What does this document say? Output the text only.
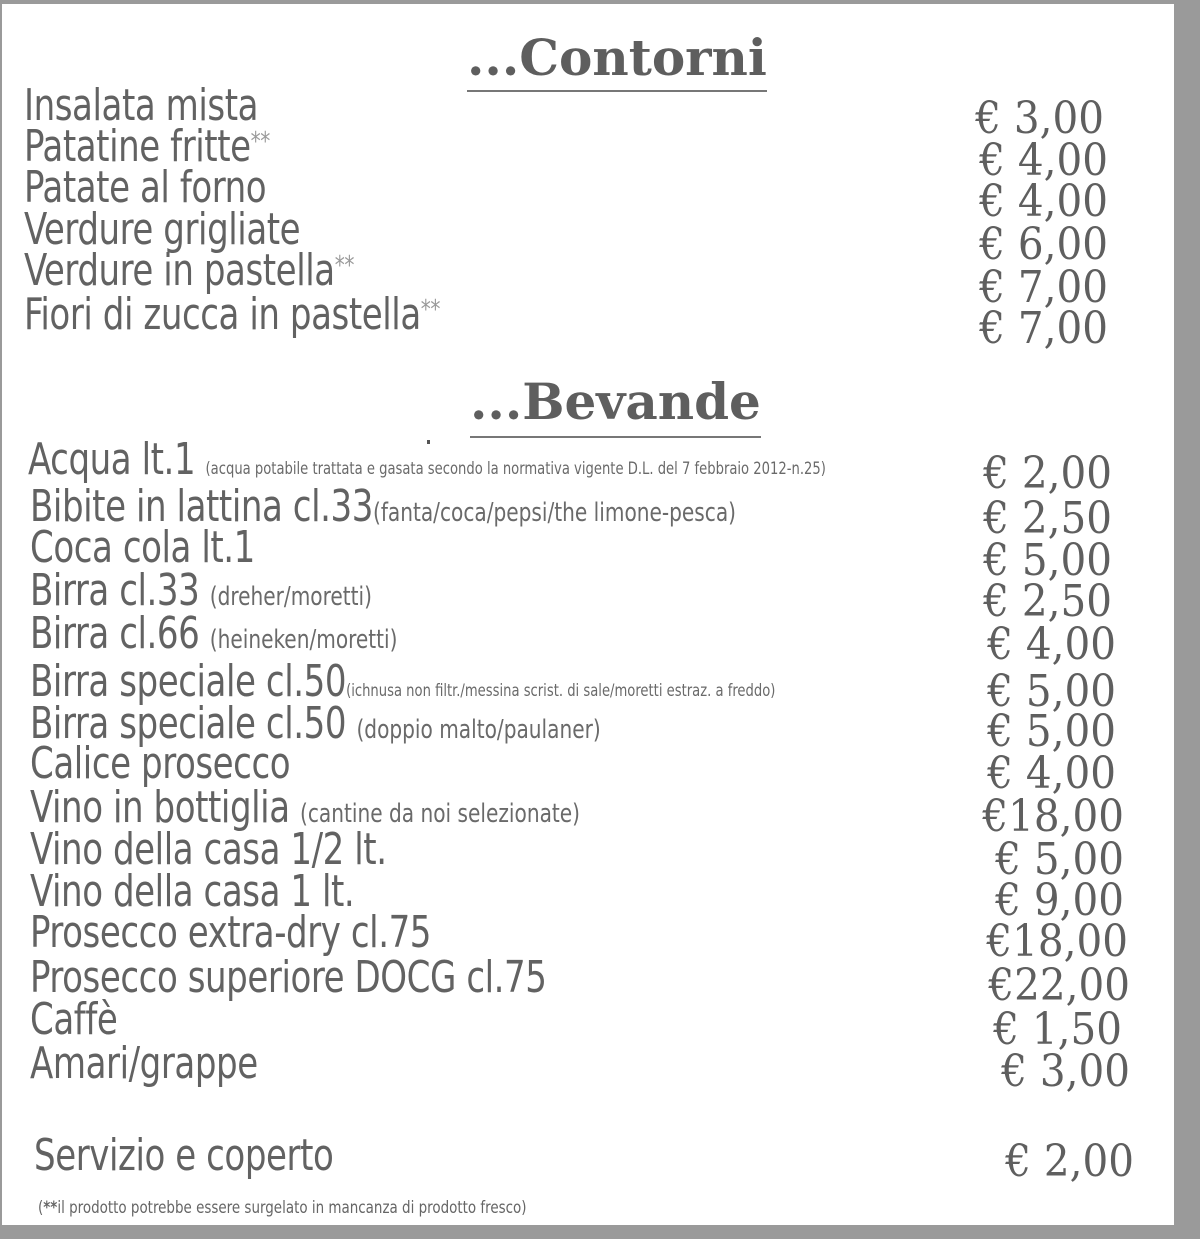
...Contorni
Insalata mista	€ 3,00
Patatine fritte**	€ 4,00
Patate al forno	€ 4,00
Verdure grigliate	€ 6,00
Verdure in pastella**	€ 7,00
Fiori di zucca in pastella**	€ 7,00
...Bevande
Acqua lt.1 (acqua potabile trattata e gasata secondo la normativa vigente D.L. del 7 febbraio 2012-n.25)	€ 2,00
Bibite in lattina cl.33(fanta/coca/pepsi/the limone-pesca)	€ 2,50
Coca cola lt.1	€ 5,00
Birra cl.33 (dreher/moretti)	€ 2,50
Birra cl.66 (heineken/moretti)	€ 4,00
Birra speciale cl.50(ichnusa non filtr./messina scrist. di sale/moretti estraz. a freddo)	€ 5,00
Birra speciale cl.50 (doppio malto/paulaner)	€ 5,00
Calice prosecco	€ 4,00
Vino in bottiglia (cantine da noi selezionate)	€18,00
Vino della casa 1/2 lt.	€ 5,00
Vino della casa 1 lt.	€ 9,00
Prosecco extra-dry cl.75	€18,00
Prosecco superiore DOCG cl.75	€22,00
Caffè	€ 1,50
Amari/grappe	€ 3,00
Servizio e coperto	€ 2,00
(**il prodotto potrebbe essere surgelato in mancanza di prodotto fresco)
